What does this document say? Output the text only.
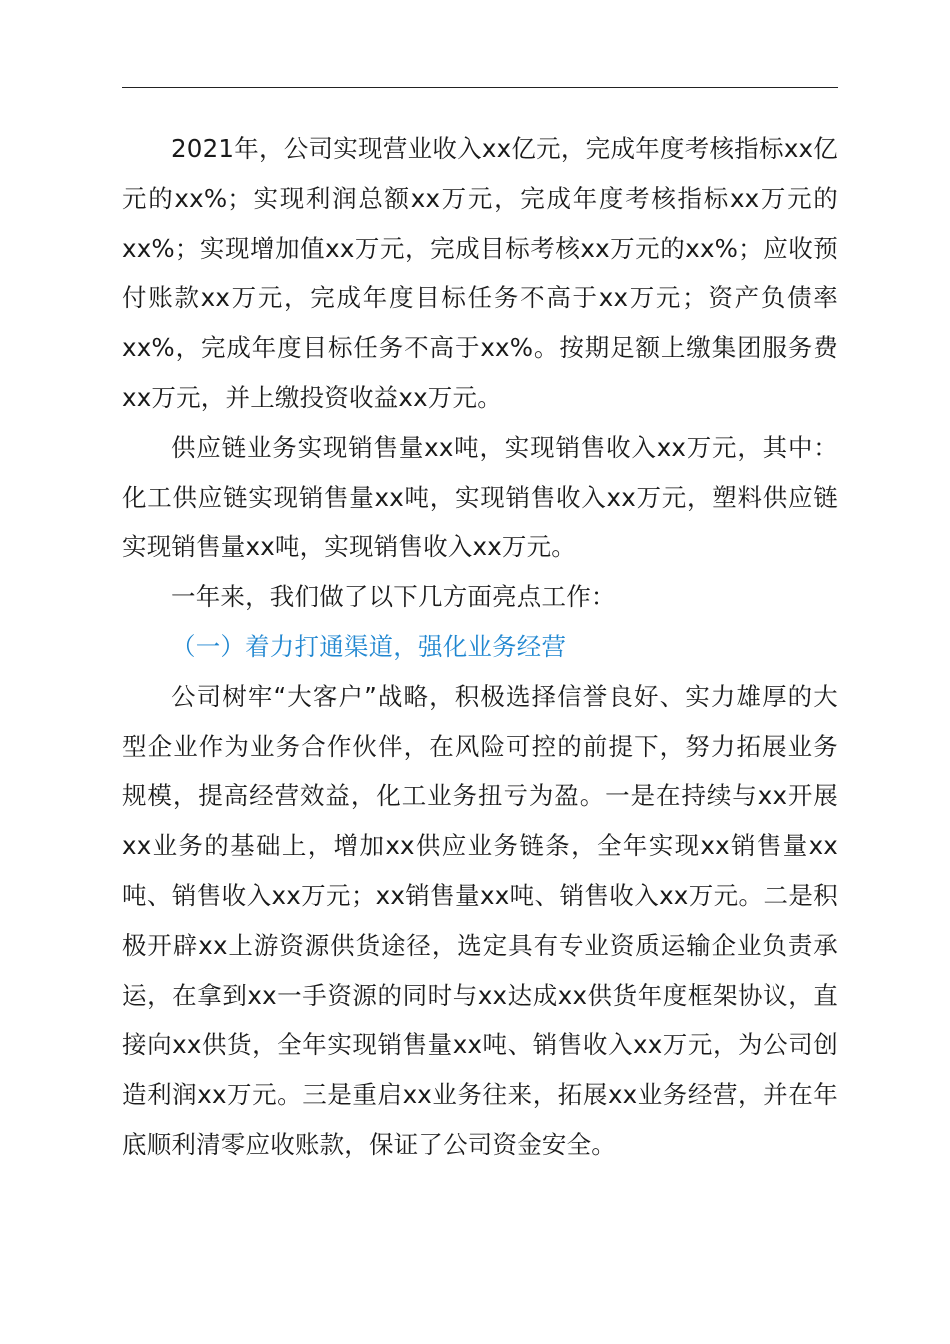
2021年，公司实现营业收入xx亿元，完成年度考核指标xx亿元的xx%；实现利润总额xx万元，完成年度考核指标xx万元的xx%；实现增加值xx万元，完成目标考核xx万元的xx%；应收预付账款xx万元，完成年度目标任务不高于xx万元；资产负债率xx%，完成年度目标任务不高于xx%。按期足额上缴集团服务费xx万元，并上缴投资收益xx万元。

供应链业务实现销售量xx吨，实现销售收入xx万元，其中：化工供应链实现销售量xx吨，实现销售收入xx万元，塑料供应链实现销售量xx吨，实现销售收入xx万元。

一年来，我们做了以下几方面亮点工作：

（一）着力打通渠道，强化业务经营

公司树牢“大客户”战略，积极选择信誉良好、实力雄厚的大型企业作为业务合作伙伴，在风险可控的前提下，努力拓展业务规模，提高经营效益，化工业务扭亏为盈。一是在持续与xx开展xx业务的基础上，增加xx供应业务链条，全年实现xx销售量xx吨、销售收入xx万元；xx销售量xx吨、销售收入xx万元。二是积极开辟xx上游资源供货途径，选定具有专业资质运输企业负责承运，在拿到xx一手资源的同时与xx达成xx供货年度框架协议，直接向xx供货，全年实现销售量xx吨、销售收入xx万元，为公司创造利润xx万元。三是重启xx业务往来，拓展xx业务经营，并在年底顺利清零应收账款，保证了公司资金安全。
